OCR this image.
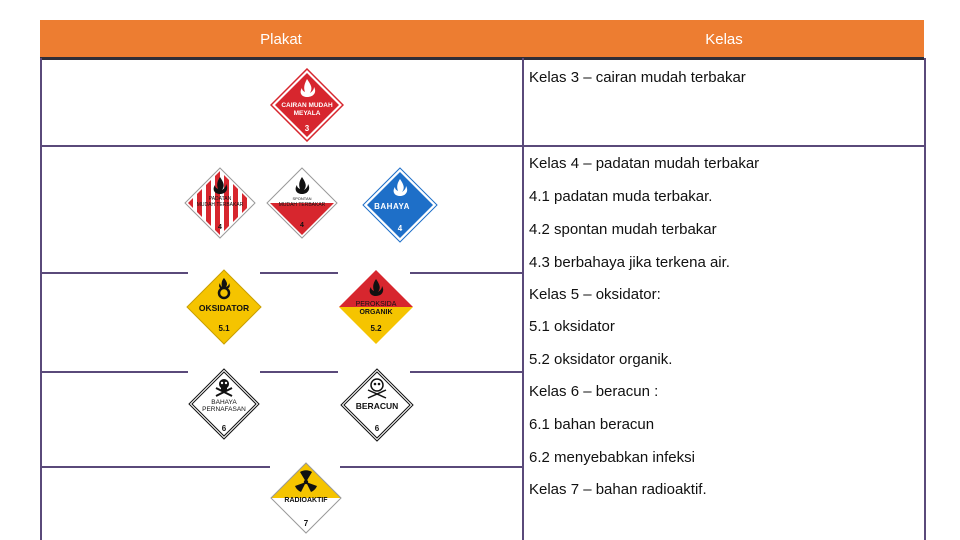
Plakat	Kelas
Kelas 3 – cairan mudah terbakar
Kelas 4 – padatan mudah terbakar
4.1 padatan muda terbakar.
4.2 spontan mudah terbakar
4.3 berbahaya jika terkena air.
Kelas 5 – oksidator:
5.1 oksidator
5.2 oksidator organik.
Kelas 6 – beracun :
6.1 bahan beracun
6.2 menyebabkan infeksi
Kelas 7 – bahan radioaktif.
CAIRAN MUDAH
MEYALA
3
PADATAN
MUDAH TERBAKAR
4
SPONTAN
MUDAH TERBAKAR
4
BAHAYA
4
OKSIDATOR
5.1
PEROKSIDA
ORGANIK
5.2
BAHAYA
PERNAFASAN
6
BERACUN
6
RADIOAKTIF
7
